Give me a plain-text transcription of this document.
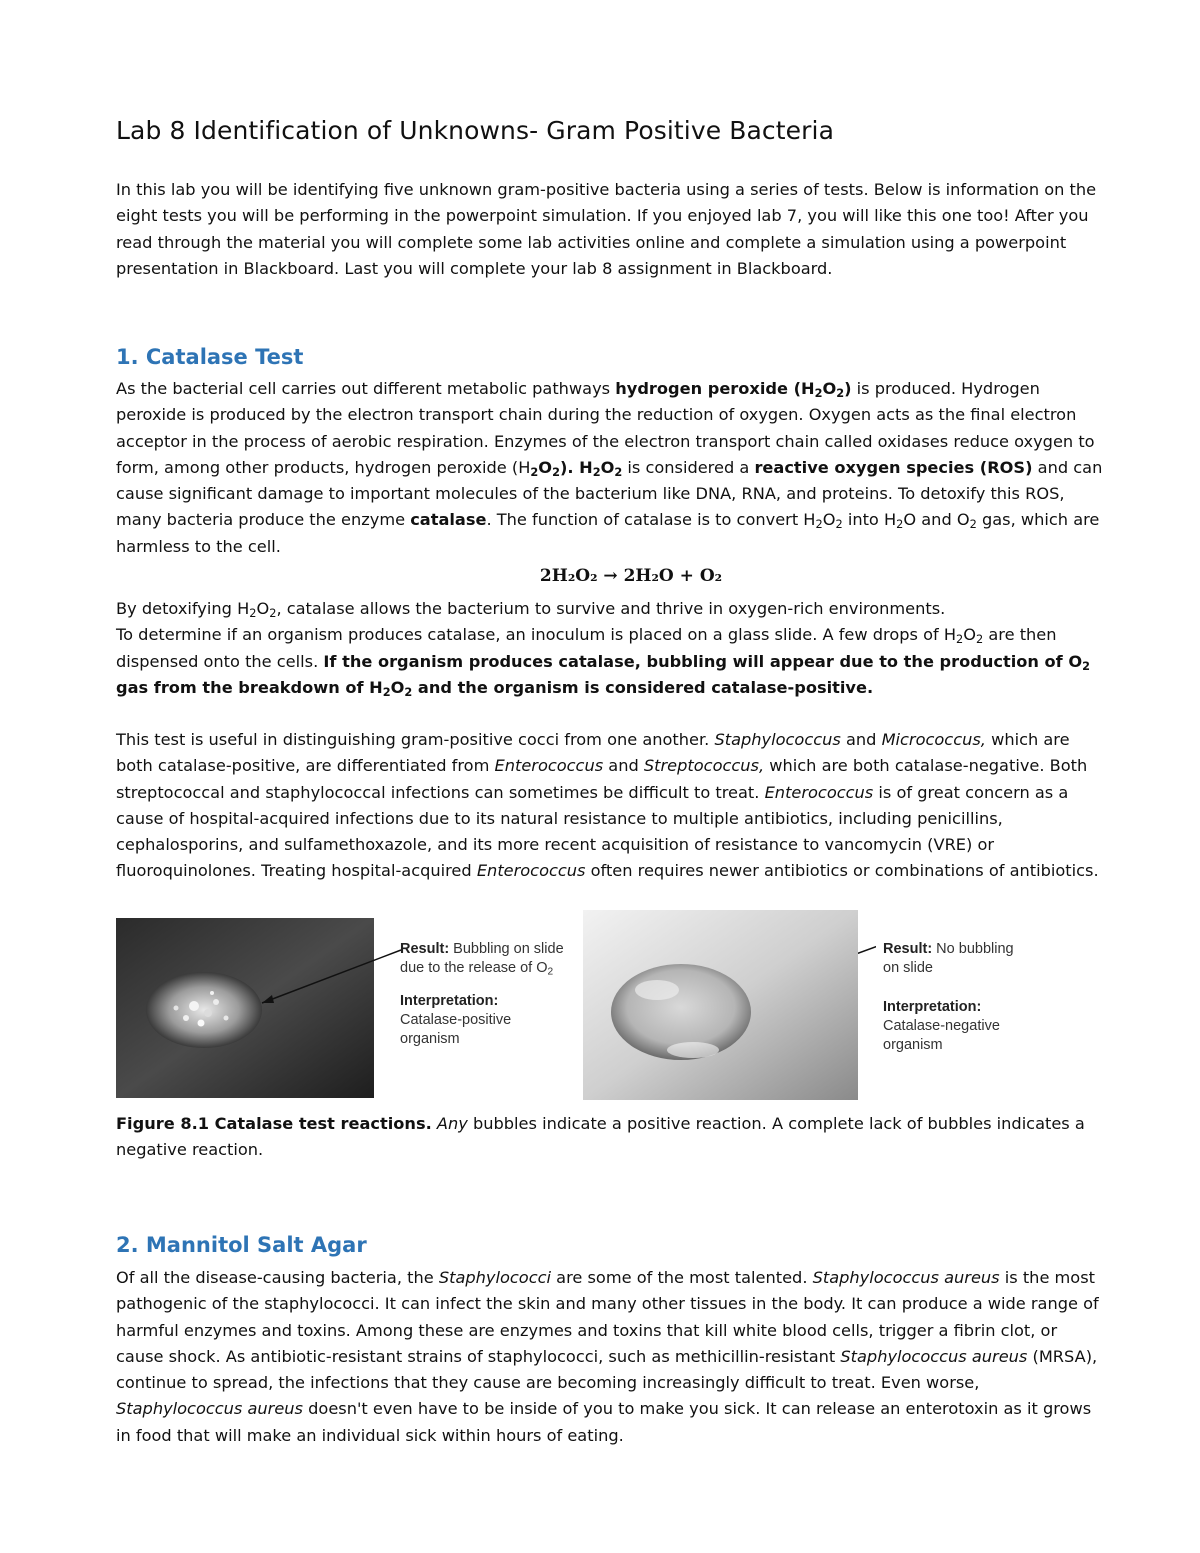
Lab 8 Identification of Unknowns- Gram Positive Bacteria

In this lab you will be identifying five unknown gram-positive bacteria using a series of tests. Below is information on the eight tests you will be performing in the powerpoint simulation. If you enjoyed lab 7, you will like this one too! After you read through the material you will complete some lab activities online and complete a simulation using a powerpoint presentation in Blackboard. Last you will complete your lab 8 assignment in Blackboard.

1. Catalase Test

As the bacterial cell carries out different metabolic pathways hydrogen peroxide $(H_2O_2)$ is produced. Hydrogen peroxide is produced by the electron transport chain during the reduction of oxygen. Oxygen acts as the final electron acceptor in the process of aerobic respiration. Enzymes of the electron transport chain called oxidases reduce oxygen to form, among other products, hydrogen peroxide $(H_2O_2)$. $H_2O_2$ is considered a reactive oxygen species (ROS) and can cause significant damage to important molecules of the bacterium like DNA, RNA, and proteins. To detoxify this ROS, many bacteria produce the enzyme catalase. The function of catalase is to convert $H_2O_2$ into $H_2O$ and $O_2$ gas, which are harmless to the cell.

2H₂O₂ → 2H₂O + O₂

By detoxifying $H_2O_2$, catalase allows the bacterium to survive and thrive in oxygen-rich environments.
To determine if an organism produces catalase, an inoculum is placed on a glass slide. A few drops of $H_2O_2$ are then dispensed onto the cells. If the organism produces catalase, bubbling will appear due to the production of $O_2$ gas from the breakdown of $H_2O_2$ and the organism is considered catalase-positive.

This test is useful in distinguishing gram-positive cocci from one another. Staphylococcus and Micrococcus, which are both catalase-positive, are differentiated from Enterococcus and Streptococcus, which are both catalase-negative. Both streptococcal and staphylococcal infections can sometimes be difficult to treat. Enterococcus is of great concern as a cause of hospital-acquired infections due to its natural resistance to multiple antibiotics, including penicillins, cephalosporins, and sulfamethoxazole, and its more recent acquisition of resistance to vancomycin (VRE) or fluoroquinolones. Treating hospital-acquired Enterococcus often requires newer antibiotics or combinations of antibiotics.

Result: Bubbling on slide
due to the release of $O_2$
Interpretation:
Catalase-positive
organism
Result: No bubbling
on slide
Interpretation:
Catalase-negative
organism

Figure 8.1 Catalase test reactions. Any bubbles indicate a positive reaction. A complete lack of bubbles indicates a negative reaction.

2. Mannitol Salt Agar

Of all the disease-causing bacteria, the Staphylococci are some of the most talented. Staphylococcus aureus is the most pathogenic of the staphylococci. It can infect the skin and many other tissues in the body. It can produce a wide range of harmful enzymes and toxins. Among these are enzymes and toxins that kill white blood cells, trigger a fibrin clot, or cause shock. As antibiotic-resistant strains of staphylococci, such as methicillin-resistant Staphylococcus aureus (MRSA), continue to spread, the infections that they cause are becoming increasingly difficult to treat. Even worse, Staphylococcus aureus doesn't even have to be inside of you to make you sick. It can release an enterotoxin as it grows in food that will make an individual sick within hours of eating.
